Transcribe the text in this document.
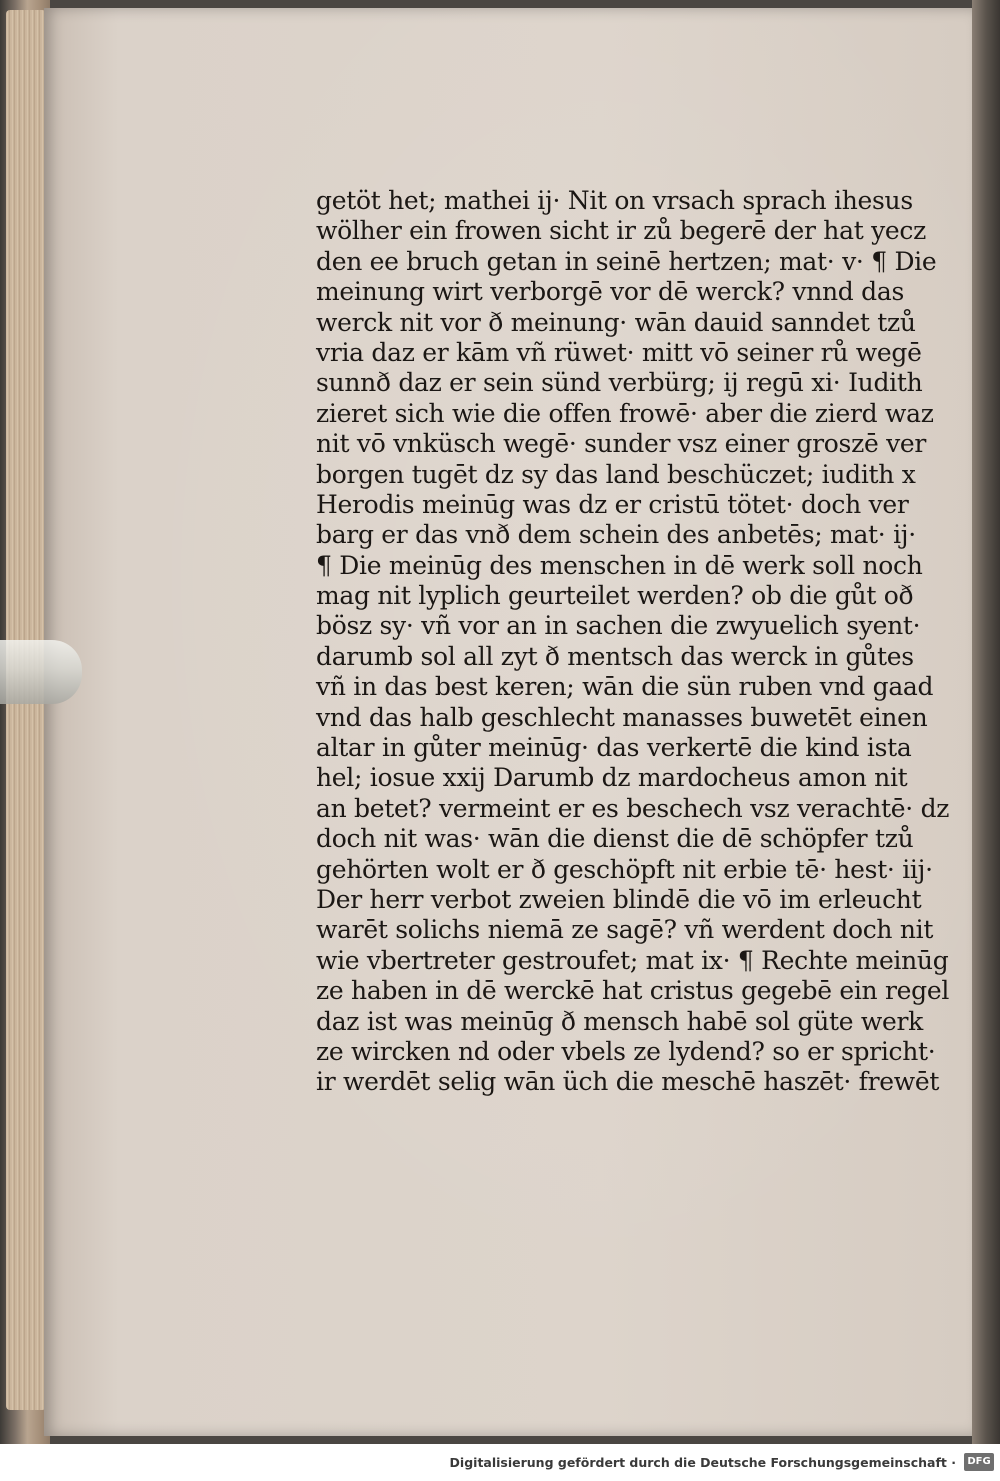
getöt het; mathei ij· Nit on vrsach sprach ihesus
wölher ein frowen sicht ir zů begerē der hat yecz
den ee bruch getan in seinē hertzen; mat· v· ¶ Die
meinung wirt verborgē vor dē werck? vnnd das
werck nit vor ð meinung· wān dauid sanndet tzů
vria daz er kām vñ rüwet· mitt vō seiner rů wegē
sunnð daz er sein sünd verbürg; ij regū xi· Iudith
zieret sich wie die offen frowē· aber die zierd waz
nit vō vnküsch wegē· sunder vsz einer groszē ver
borgen tugēt dz sy das land beschüczet; iudith x
Herodis meinūg was dz er cristū tötet· doch ver
barg er das vnð dem schein des anbetēs; mat· ij·
¶ Die meinūg des menschen in dē werk soll noch
mag nit lyplich geurteilet werden? ob die gůt oð
bösz sy· vñ vor an in sachen die zwyuelich syent·
darumb sol all zyt ð mentsch das werck in gůtes
vñ in das best keren; wān die sün ruben vnd gaad
vnd das halb geschlecht manasses buwetēt einen
altar in gůter meinūg· das verkertē die kind ista
hel; iosue xxij Darumb dz mardocheus amon nit
an betet? vermeint er es beschech vsz verachtē· dz
doch nit was· wān die dienst die dē schöpfer tzů
gehörten wolt er ð geschöpft nit erbie tē· hest· iij·
Der herr verbot zweien blindē die vō im erleucht
warēt solichs niemā ze sagē? vñ werdent doch nit
wie vbertreter gestroufet; mat ix· ¶ Rechte meinūg
ze haben in dē werckē hat cristus gegebē ein regel
daz ist was meinūg ð mensch habē sol güte werk
ze wircken nd oder vbels ze lydend? so er spricht·
ir werdēt selig wān üch die meschē haszēt· frewēt
Digitalisierung gefördert durch die Deutsche Forschungsgemeinschaft ·	DFG
